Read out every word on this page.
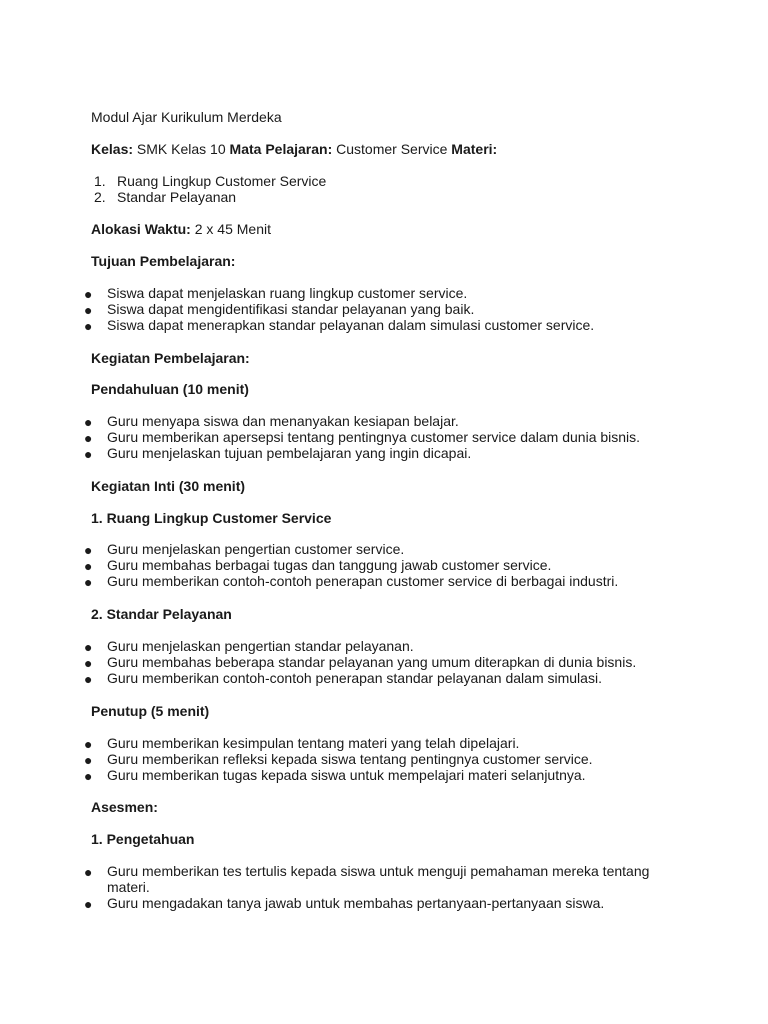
Modul Ajar Kurikulum Merdeka
Kelas: SMK Kelas 10 Mata Pelajaran: Customer Service Materi:
1. Ruang Lingkup Customer Service
2. Standar Pelayanan
Alokasi Waktu: 2 x 45 Menit
Tujuan Pembelajaran:
● Siswa dapat menjelaskan ruang lingkup customer service.
● Siswa dapat mengidentifikasi standar pelayanan yang baik.
● Siswa dapat menerapkan standar pelayanan dalam simulasi customer service.
Kegiatan Pembelajaran:
Pendahuluan (10 menit)
● Guru menyapa siswa dan menanyakan kesiapan belajar.
● Guru memberikan apersepsi tentang pentingnya customer service dalam dunia bisnis.
● Guru menjelaskan tujuan pembelajaran yang ingin dicapai.
Kegiatan Inti (30 menit)
1. Ruang Lingkup Customer Service
● Guru menjelaskan pengertian customer service.
● Guru membahas berbagai tugas dan tanggung jawab customer service.
● Guru memberikan contoh-contoh penerapan customer service di berbagai industri.
2. Standar Pelayanan
● Guru menjelaskan pengertian standar pelayanan.
● Guru membahas beberapa standar pelayanan yang umum diterapkan di dunia bisnis.
● Guru memberikan contoh-contoh penerapan standar pelayanan dalam simulasi.
Penutup (5 menit)
● Guru memberikan kesimpulan tentang materi yang telah dipelajari.
● Guru memberikan refleksi kepada siswa tentang pentingnya customer service.
● Guru memberikan tugas kepada siswa untuk mempelajari materi selanjutnya.
Asesmen:
1. Pengetahuan
● Guru memberikan tes tertulis kepada siswa untuk menguji pemahaman mereka tentang
materi.
● Guru mengadakan tanya jawab untuk membahas pertanyaan-pertanyaan siswa.
